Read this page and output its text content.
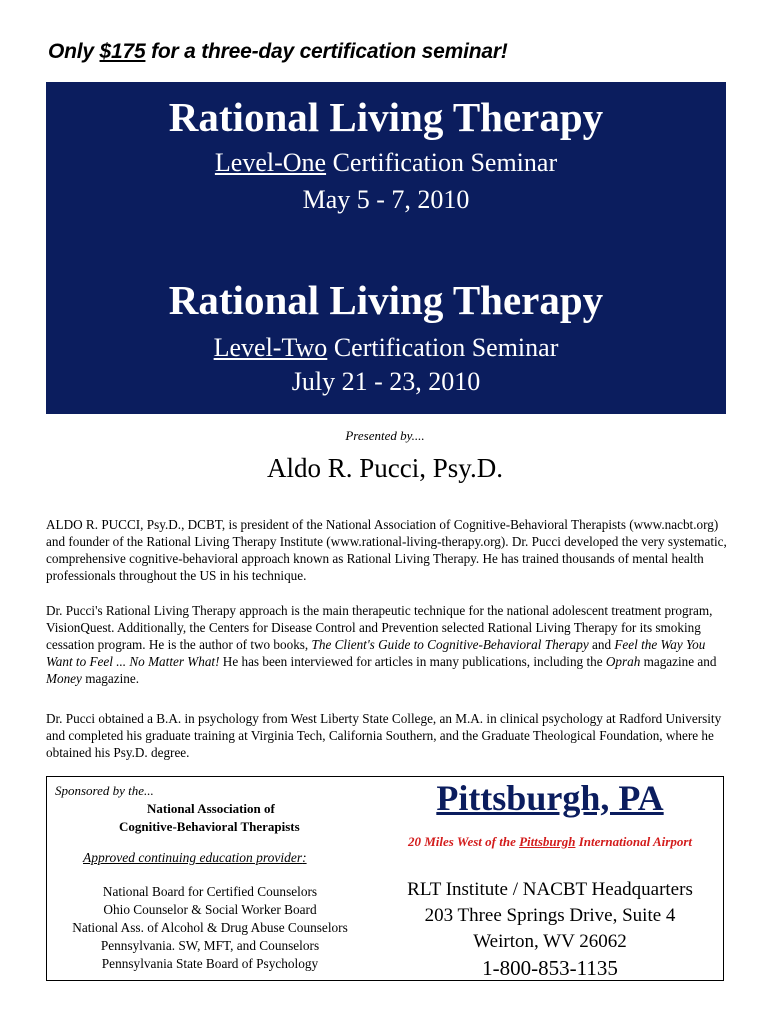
Only $175 for a three-day certification seminar!
Rational Living Therapy
Level-One Certification Seminar
May 5 - 7, 2010
Rational Living Therapy
Level-Two Certification Seminar
July 21 - 23, 2010
Presented by....
Aldo R. Pucci, Psy.D.

ALDO R. PUCCI, Psy.D., DCBT, is president of the National Association of Cognitive-Behavioral Therapists (www.nacbt.org) and founder of the Rational Living Therapy Institute (www.rational-living-therapy.org). Dr. Pucci developed the very systematic, comprehensive cognitive-behavioral approach known as Rational Living Therapy. He has trained thousands of mental health professionals throughout the US in his technique.

Dr. Pucci's Rational Living Therapy approach is the main therapeutic technique for the national adolescent treatment program, VisionQuest. Additionally, the Centers for Disease Control and Prevention selected Rational Living Therapy for its smoking cessation program. He is the author of two books, The Client's Guide to Cognitive-Behavioral Therapy and Feel the Way You Want to Feel ... No Matter What! He has been interviewed for articles in many publications, including the Oprah magazine and Money magazine.

Dr. Pucci obtained a B.A. in psychology from West Liberty State College, an M.A. in clinical psychology at Radford University and completed his graduate training at Virginia Tech, California Southern, and the Graduate Theological Foundation, where he obtained his Psy.D. degree.

Sponsored by the...
National Association of
Cognitive-Behavioral Therapists
Approved continuing education provider:
National Board for Certified Counselors
Ohio Counselor & Social Worker Board
National Ass. of Alcohol & Drug Abuse Counselors
Pennsylvania. SW, MFT, and Counselors
Pennsylvania State Board of Psychology
Pittsburgh, PA
20 Miles West of the Pittsburgh International Airport
RLT Institute / NACBT Headquarters
203 Three Springs Drive, Suite 4
Weirton, WV 26062
1-800-853-1135
